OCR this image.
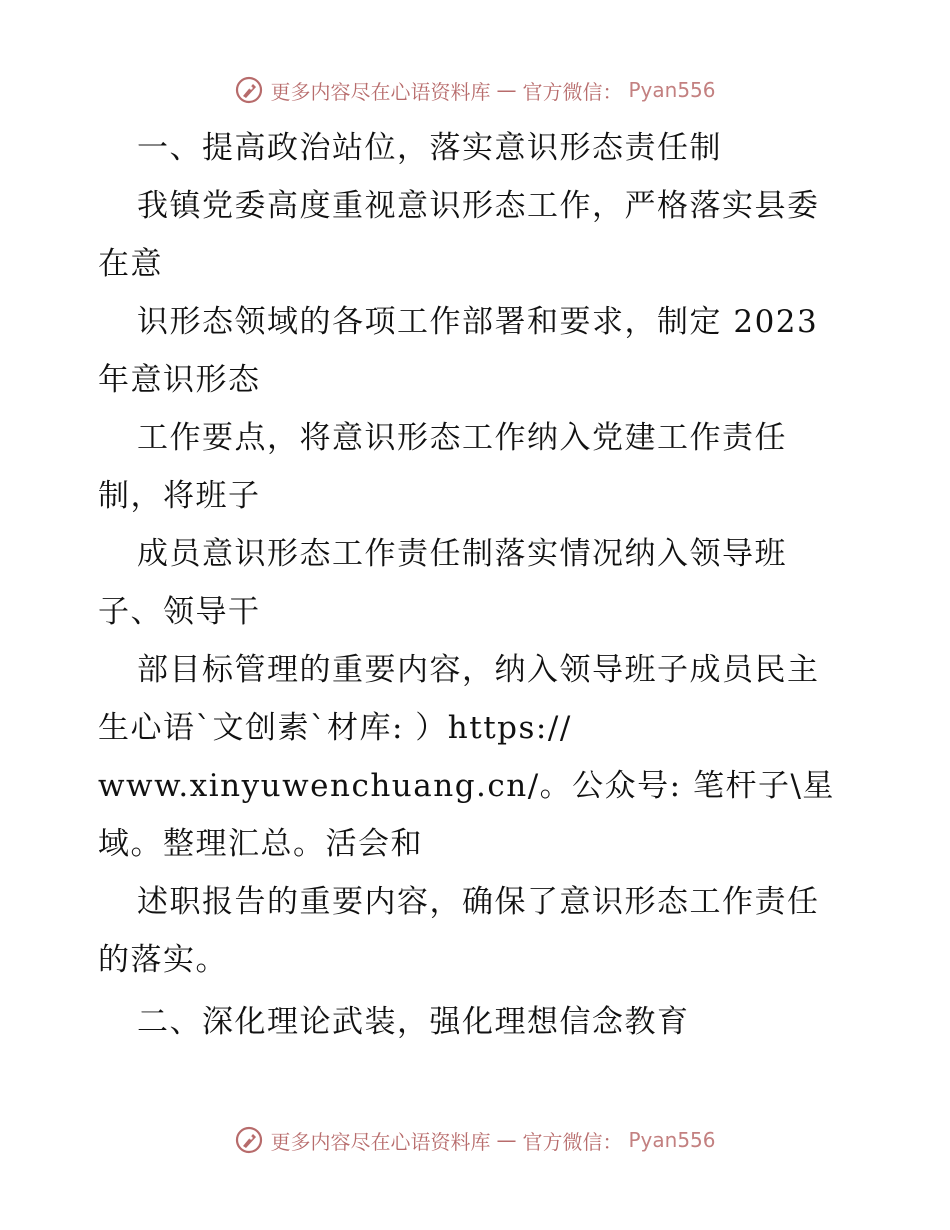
更多内容尽在心语资料库 — 官方微信： Pyan556
一、提高政治站位，落实意识形态责任制
我镇党委高度重视意识形态工作，严格落实县委
在意
识形态领域的各项工作部署和要求，制定 2023
年意识形态
工作要点，将意识形态工作纳入党建工作责任
制，将班子
成员意识形态工作责任制落实情况纳入领导班
子、领导干
部目标管理的重要内容，纳入领导班子成员民主
生心语`文创素`材库: ）https://
www.xinyuwenchuang.cn/。公众号: 笔杆子\星
域。整理汇总。活会和
述职报告的重要内容，确保了意识形态工作责任
的落实。
二、深化理论武装，强化理想信念教育
更多内容尽在心语资料库 — 官方微信： Pyan556
